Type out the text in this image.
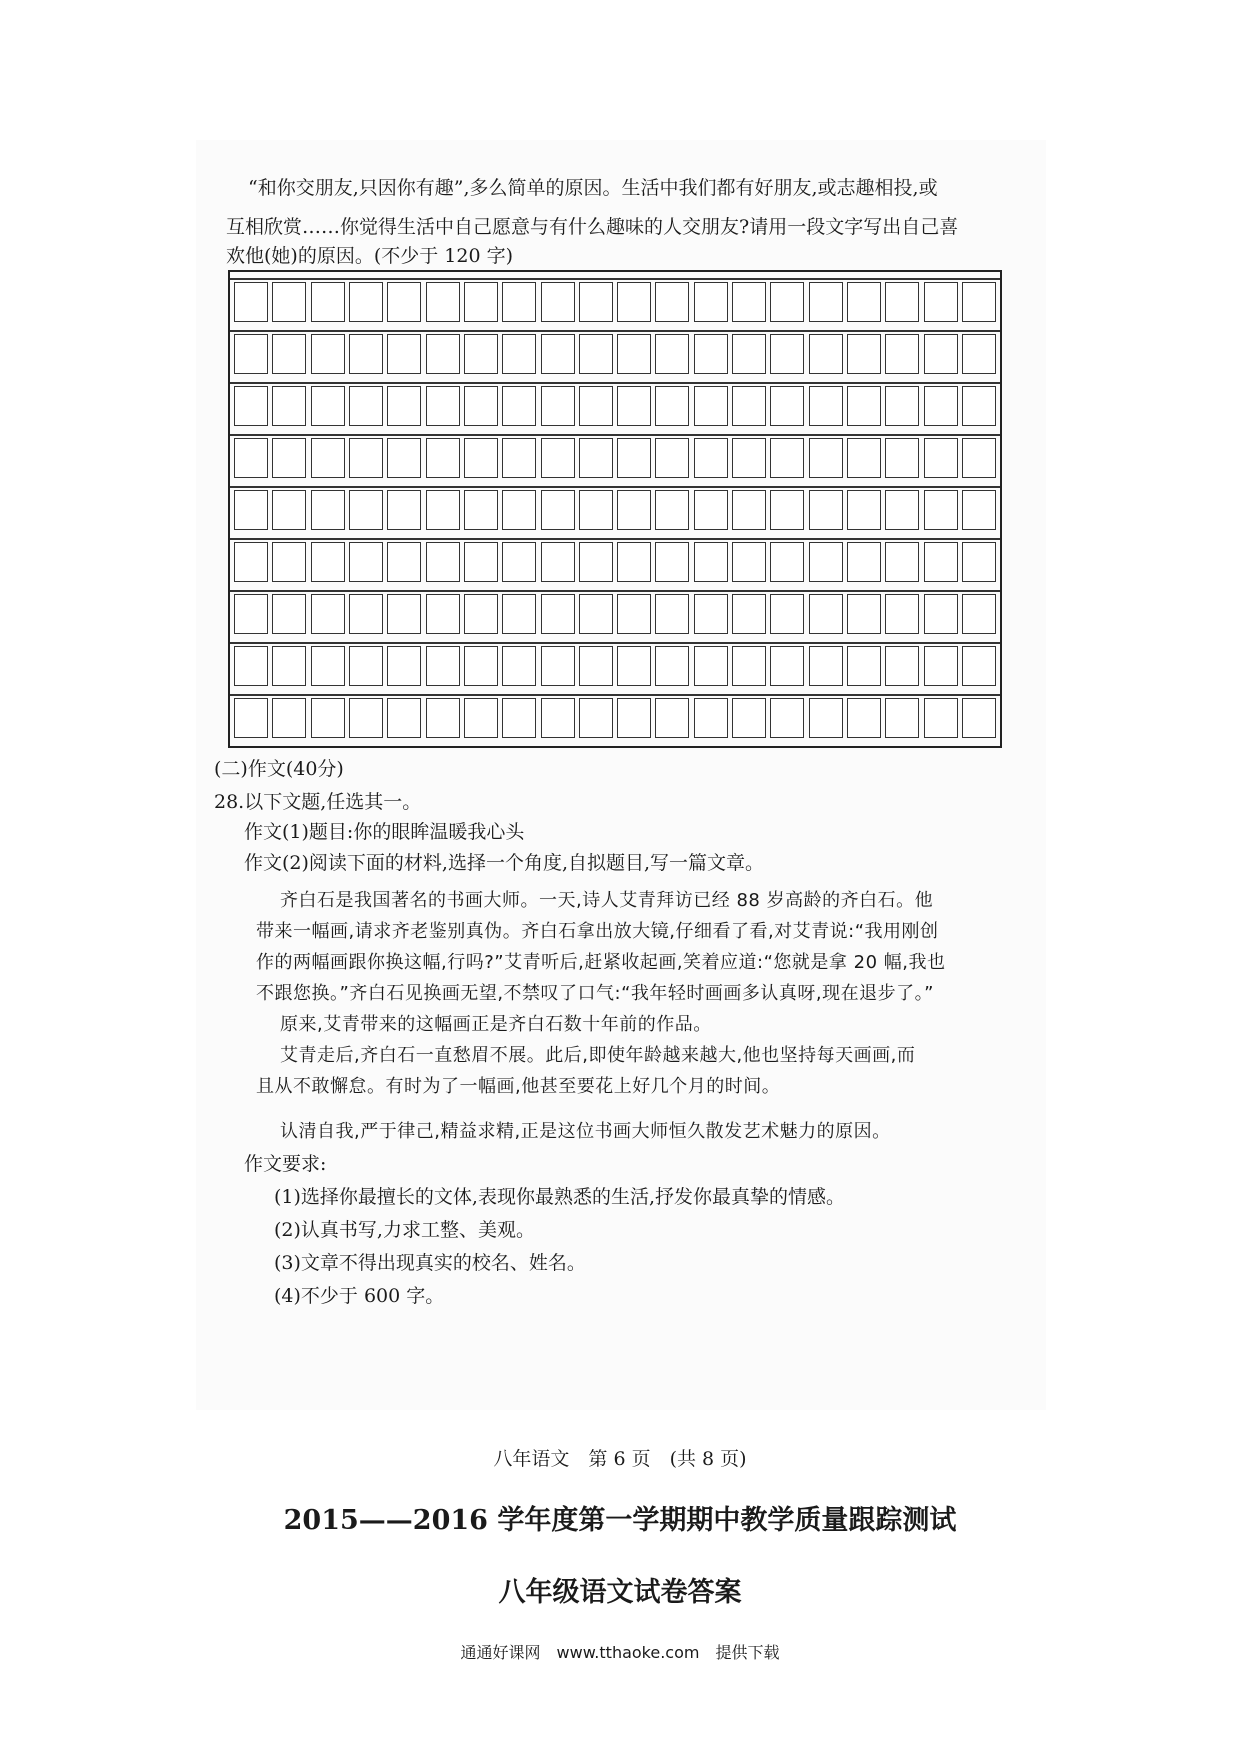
“和你交朋友,只因你有趣”,多么简单的原因。生活中我们都有好朋友,或志趣相投,或
互相欣赏……你觉得生活中自己愿意与有什么趣味的人交朋友?请用一段文字写出自己喜
欢他(她)的原因。(不少于 120 字)
(二)作文(40分)
28.以下文题,任选其一。
作文(1)题目:你的眼眸温暖我心头
作文(2)阅读下面的材料,选择一个角度,自拟题目,写一篇文章。
齐白石是我国著名的书画大师。一天,诗人艾青拜访已经 88 岁高龄的齐白石。他
带来一幅画,请求齐老鉴别真伪。齐白石拿出放大镜,仔细看了看,对艾青说:“我用刚创
作的两幅画跟你换这幅,行吗?”艾青听后,赶紧收起画,笑着应道:“您就是拿 20 幅,我也
不跟您换。”齐白石见换画无望,不禁叹了口气:“我年轻时画画多认真呀,现在退步了。”
原来,艾青带来的这幅画正是齐白石数十年前的作品。
艾青走后,齐白石一直愁眉不展。此后,即使年龄越来越大,他也坚持每天画画,而
且从不敢懈怠。有时为了一幅画,他甚至要花上好几个月的时间。
认清自我,严于律己,精益求精,正是这位书画大师恒久散发艺术魅力的原因。
作文要求:
(1)选择你最擅长的文体,表现你最熟悉的生活,抒发你最真挚的情感。
(2)认真书写,力求工整、美观。
(3)文章不得出现真实的校名、姓名。
(4)不少于 600 字。
八年语文　第 6 页　(共 8 页)
2015——2016 学年度第一学期期中教学质量跟踪测试
八年级语文试卷答案
通通好课网　www.tthaoke.com　提供下载
